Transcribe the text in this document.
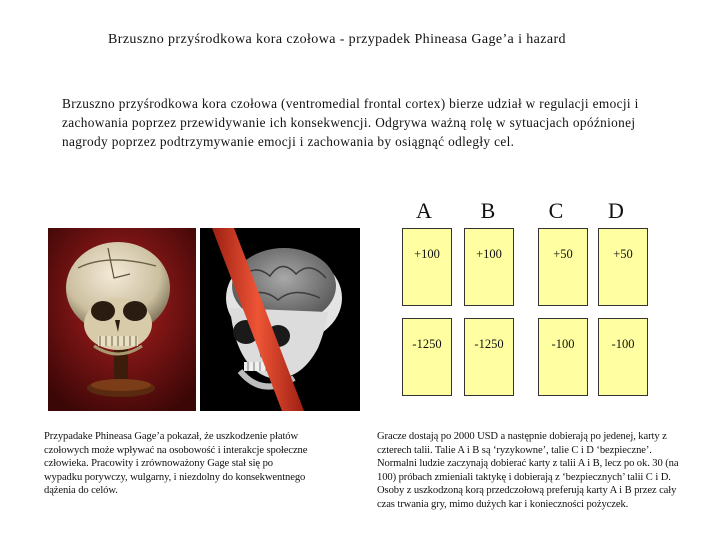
Brzuszno przyśrodkowa kora czołowa - przypadek Phineasa Gage’a i hazard
Brzuszno przyśrodkowa kora czołowa (ventromedial frontal cortex) bierze udział w regulacji emocji i zachowania poprzez przewidywanie ich konsekwencji. Odgrywa ważną rolę w sytuacjach opóźnionej nagrody poprzez podtrzymywanie emocji i zachowania by osiągnąć odległy cel.
A	B	C	D
+100	+100	+50	+50
-1250	-1250	-100	-100
Przypadake Phineasa Gage’a pokazał, że uszkodzenie płatów czołowych może wpływać na osobowość i interakcje społeczne człowieka. Pracowity i zrównoważony Gage stał się po wypadku porywczy, wulgarny, i niezdolny do konsekwentnego dążenia do celów.
Gracze dostają po 2000 USD a następnie dobierają po jedenej, karty z czterech talii. Talie A i B są ‘ryzykowne’, talie C i D ‘bezpieczne’. Normalni ludzie zaczynają dobierać karty z talii A i B, lecz po ok. 30 (na 100) próbach zmieniali taktykę i dobierają z ‘bezpiecznych’ talii C i D. Osoby z uszkodzoną korą przedczołową preferują karty A i B przez cały czas trwania gry, mimo dużych kar i konieczności pożyczek.
